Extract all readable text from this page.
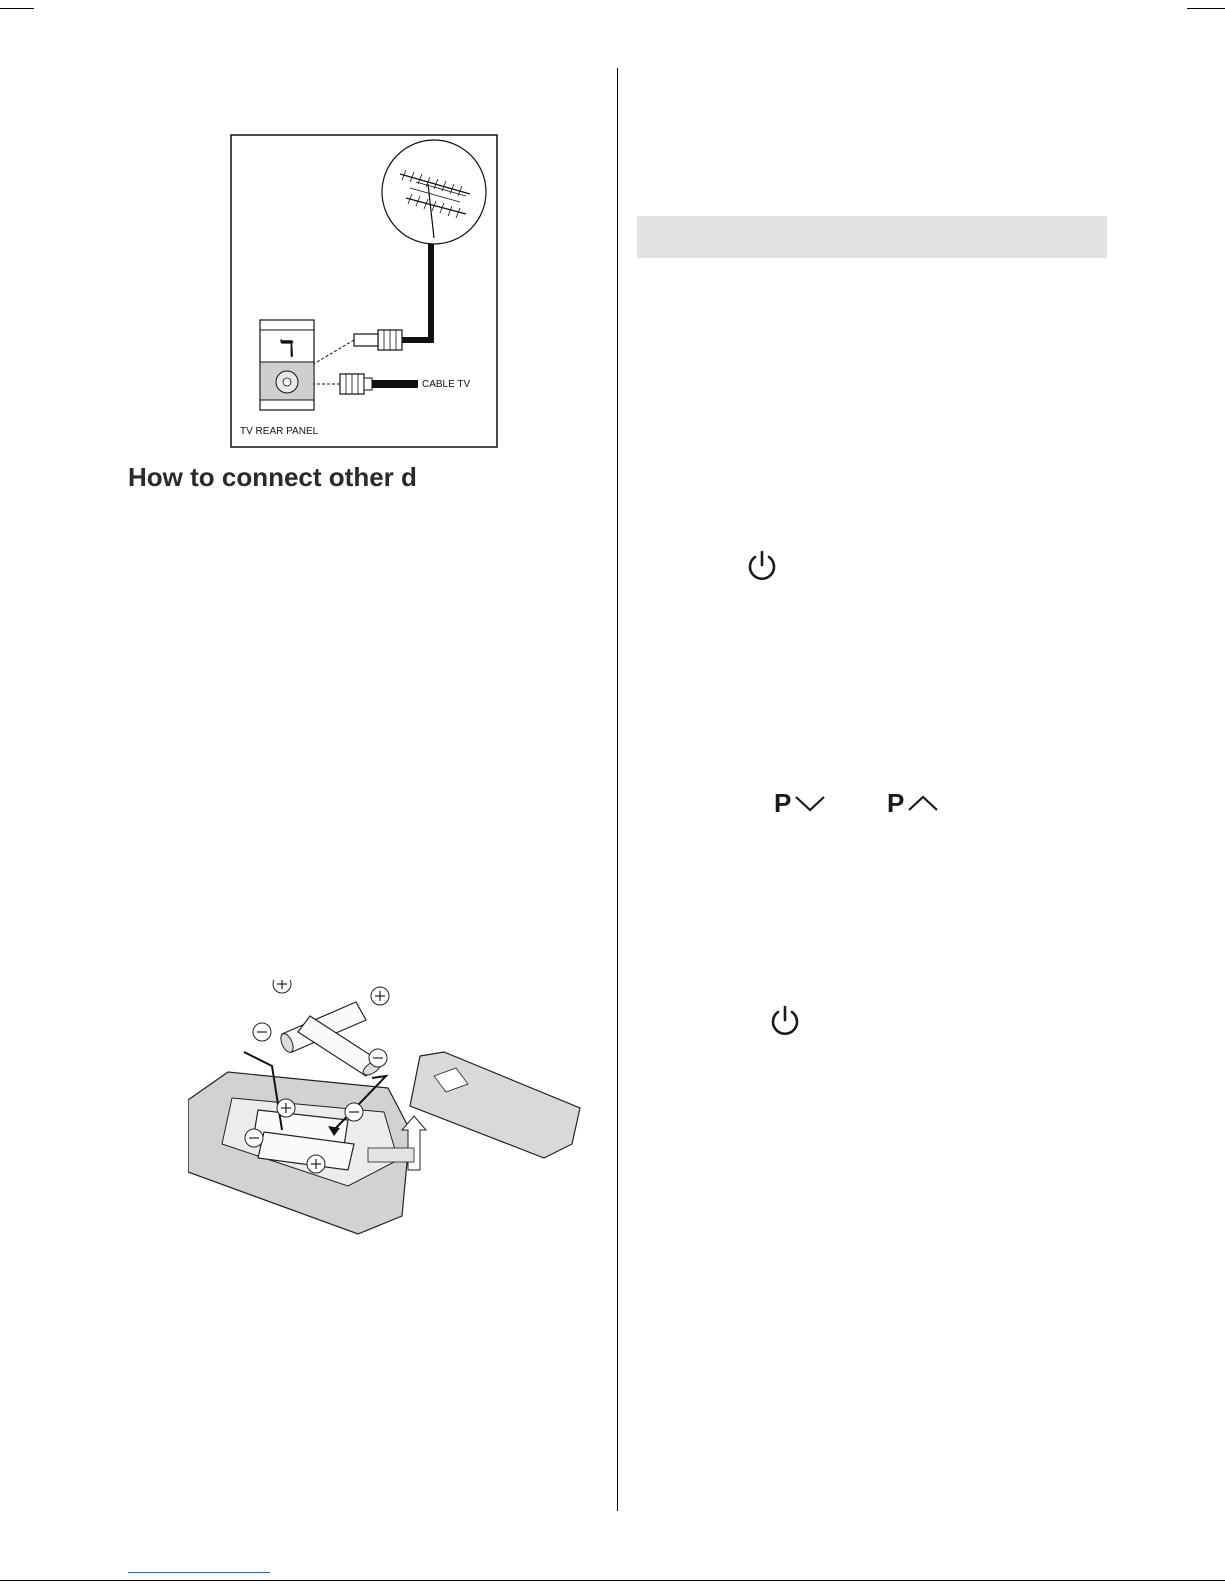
ℸ
CABLE TV
TV REAR PANEL
How to connect other d
P	P
